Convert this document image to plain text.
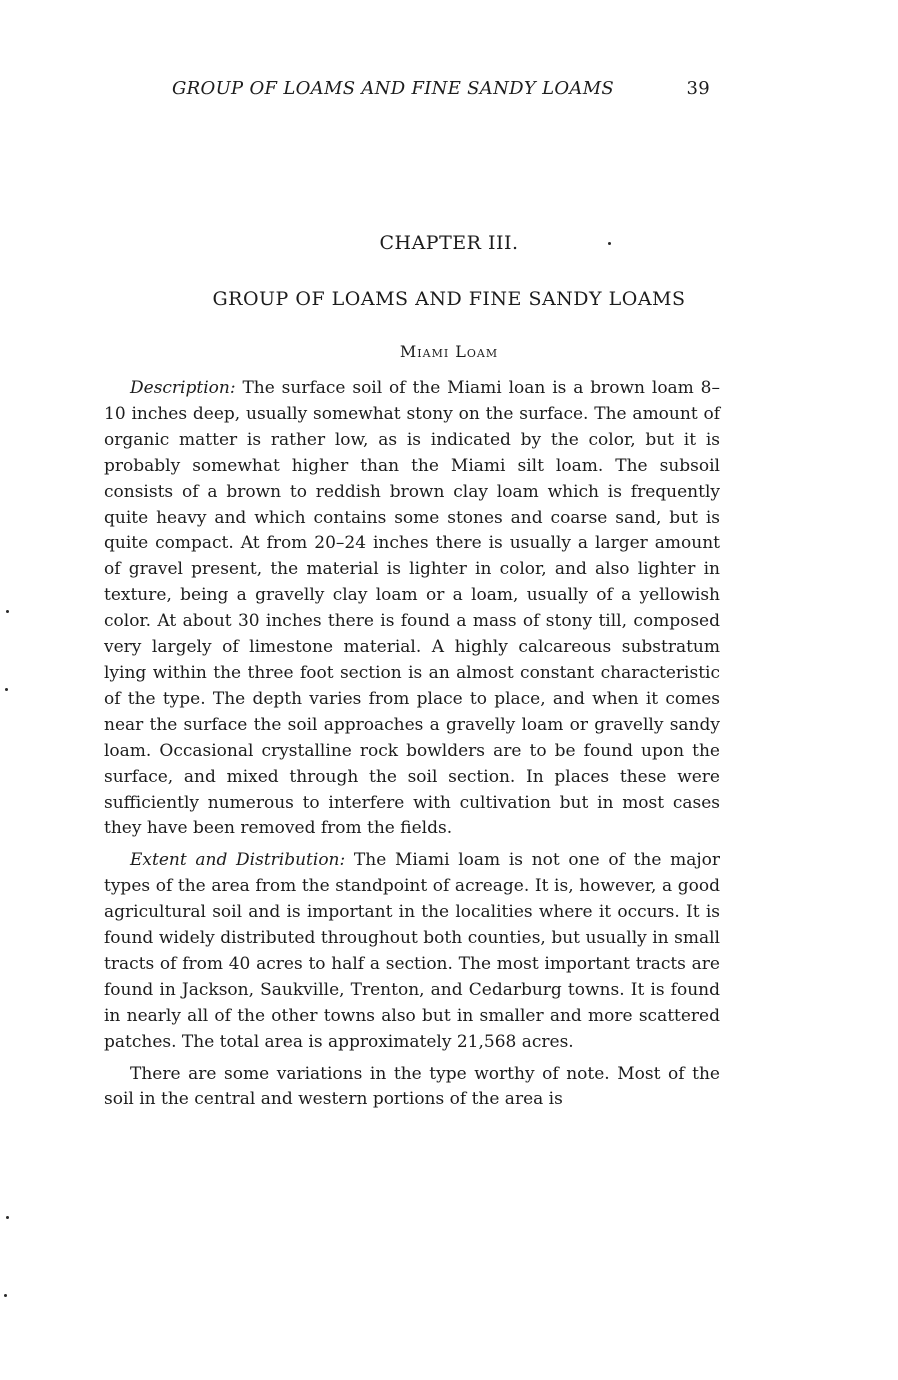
GROUP OF LOAMS AND FINE SANDY LOAMS	39
CHAPTER III.
GROUP OF LOAMS AND FINE SANDY LOAMS
Miami Loam

Description: The surface soil of the Miami loan is a brown loam 8–10 inches deep, usually somewhat stony on the surface. The amount of organic matter is rather low, as is indicated by the color, but it is probably somewhat higher than the Miami silt loam. The subsoil consists of a brown to reddish brown clay loam which is frequently quite heavy and which contains some stones and coarse sand, but is quite compact. At from 20–24 inches there is usually a larger amount of gravel present, the material is lighter in color, and also lighter in texture, being a gravelly clay loam or a loam, usually of a yellowish color. At about 30 inches there is found a mass of stony till, composed very largely of limestone material. A highly calcareous substratum lying within the three foot section is an almost constant characteristic of the type. The depth varies from place to place, and when it comes near the surface the soil approaches a gravelly loam or gravelly sandy loam. Occasional crystalline rock bowlders are to be found upon the surface, and mixed through the soil section. In places these were sufficiently numerous to interfere with cultivation but in most cases they have been removed from the fields.

Extent and Distribution: The Miami loam is not one of the major types of the area from the standpoint of acreage. It is, however, a good agricultural soil and is important in the localities where it occurs. It is found widely distributed throughout both counties, but usually in small tracts of from 40 acres to half a section. The most important tracts are found in Jackson, Saukville, Trenton, and Cedarburg towns. It is found in nearly all of the other towns also but in smaller and more scattered patches. The total area is approximately 21,568 acres.

There are some variations in the type worthy of note. Most of the soil in the central and western portions of the area is
